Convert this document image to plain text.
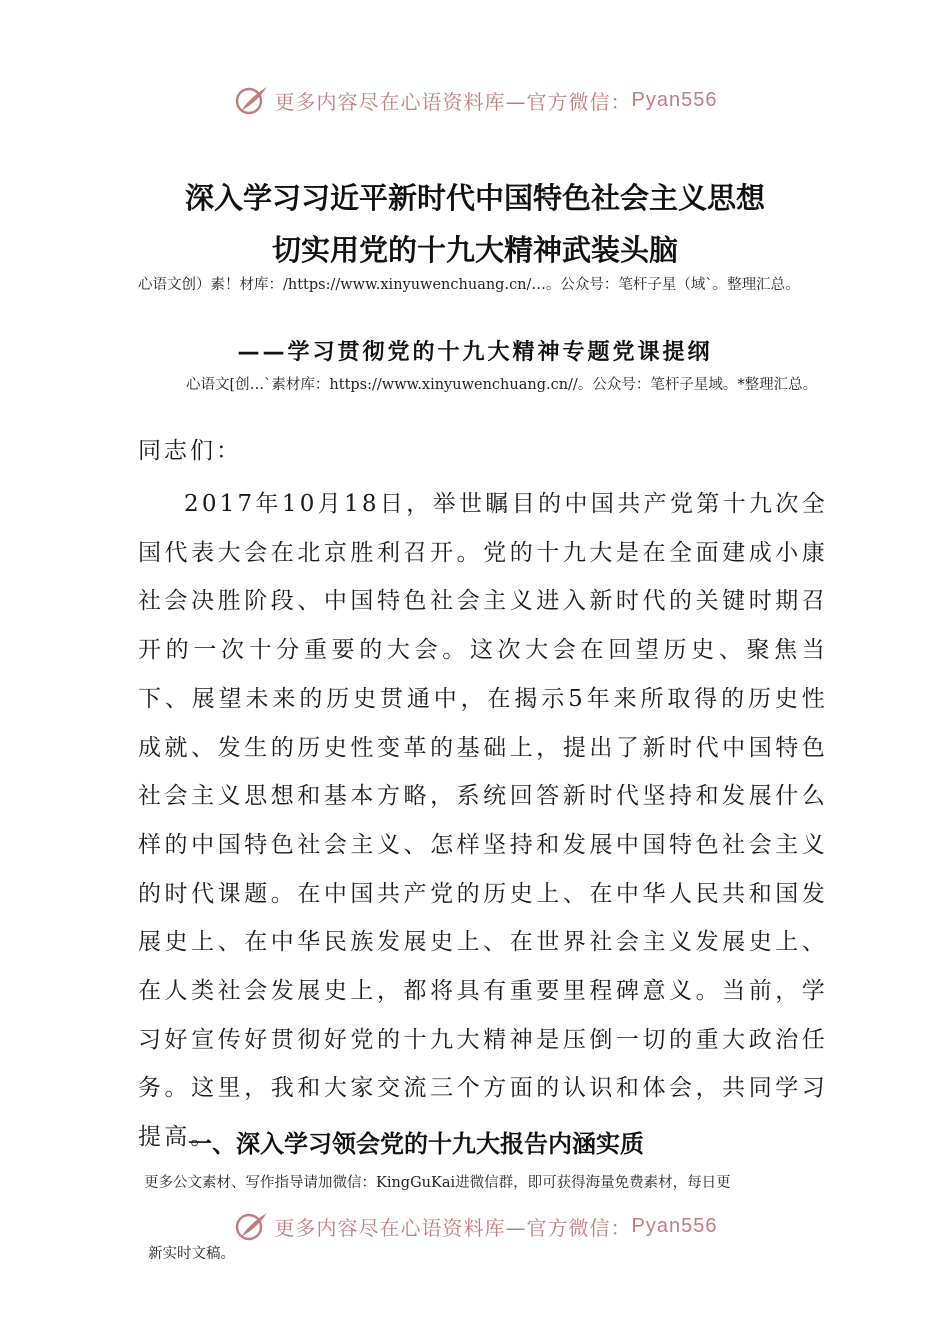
更多内容尽在心语资料库—官方微信： Pyan556
深入学习习近平新时代中国特色社会主义思想
切实用党的十九大精神武装头脑
心语文创）素！材库：/https://www.xinyuwenchuang.cn/…。公众号：笔杆子星（域`。整理汇总。
——学习贯彻党的十九大精神专题党课提纲
心语文[创…`素材库：https://www.xinyuwenchuang.cn//。公众号：笔杆子星域。*整理汇总。
同志们：

2017年10月18日，举世瞩目的中国共产党第十九次全国代表大会在北京胜利召开。党的十九大是在全面建成小康社会决胜阶段、中国特色社会主义进入新时代的关键时期召开的一次十分重要的大会。这次大会在回望历史、聚焦当下、展望未来的历史贯通中，在揭示5年来所取得的历史性成就、发生的历史性变革的基础上，提出了新时代中国特色社会主义思想和基本方略，系统回答新时代坚持和发展什么样的中国特色社会主义、怎样坚持和发展中国特色社会主义的时代课题。在中国共产党的历史上、在中华人民共和国发展史上、在中华民族发展史上、在世界社会主义发展史上、在人类社会发展史上，都将具有重要里程碑意义。当前，学习好宣传好贯彻好党的十九大精神是压倒一切的重大政治任务。这里，我和大家交流三个方面的认识和体会，共同学习提高。

一、深入学习领会党的十九大报告内涵实质
更多公文素材、写作指导请加微信：KingGuKai进微信群，即可获得海量免费素材，每日更
更多内容尽在心语资料库—官方微信： Pyan556
新实时文稿。
